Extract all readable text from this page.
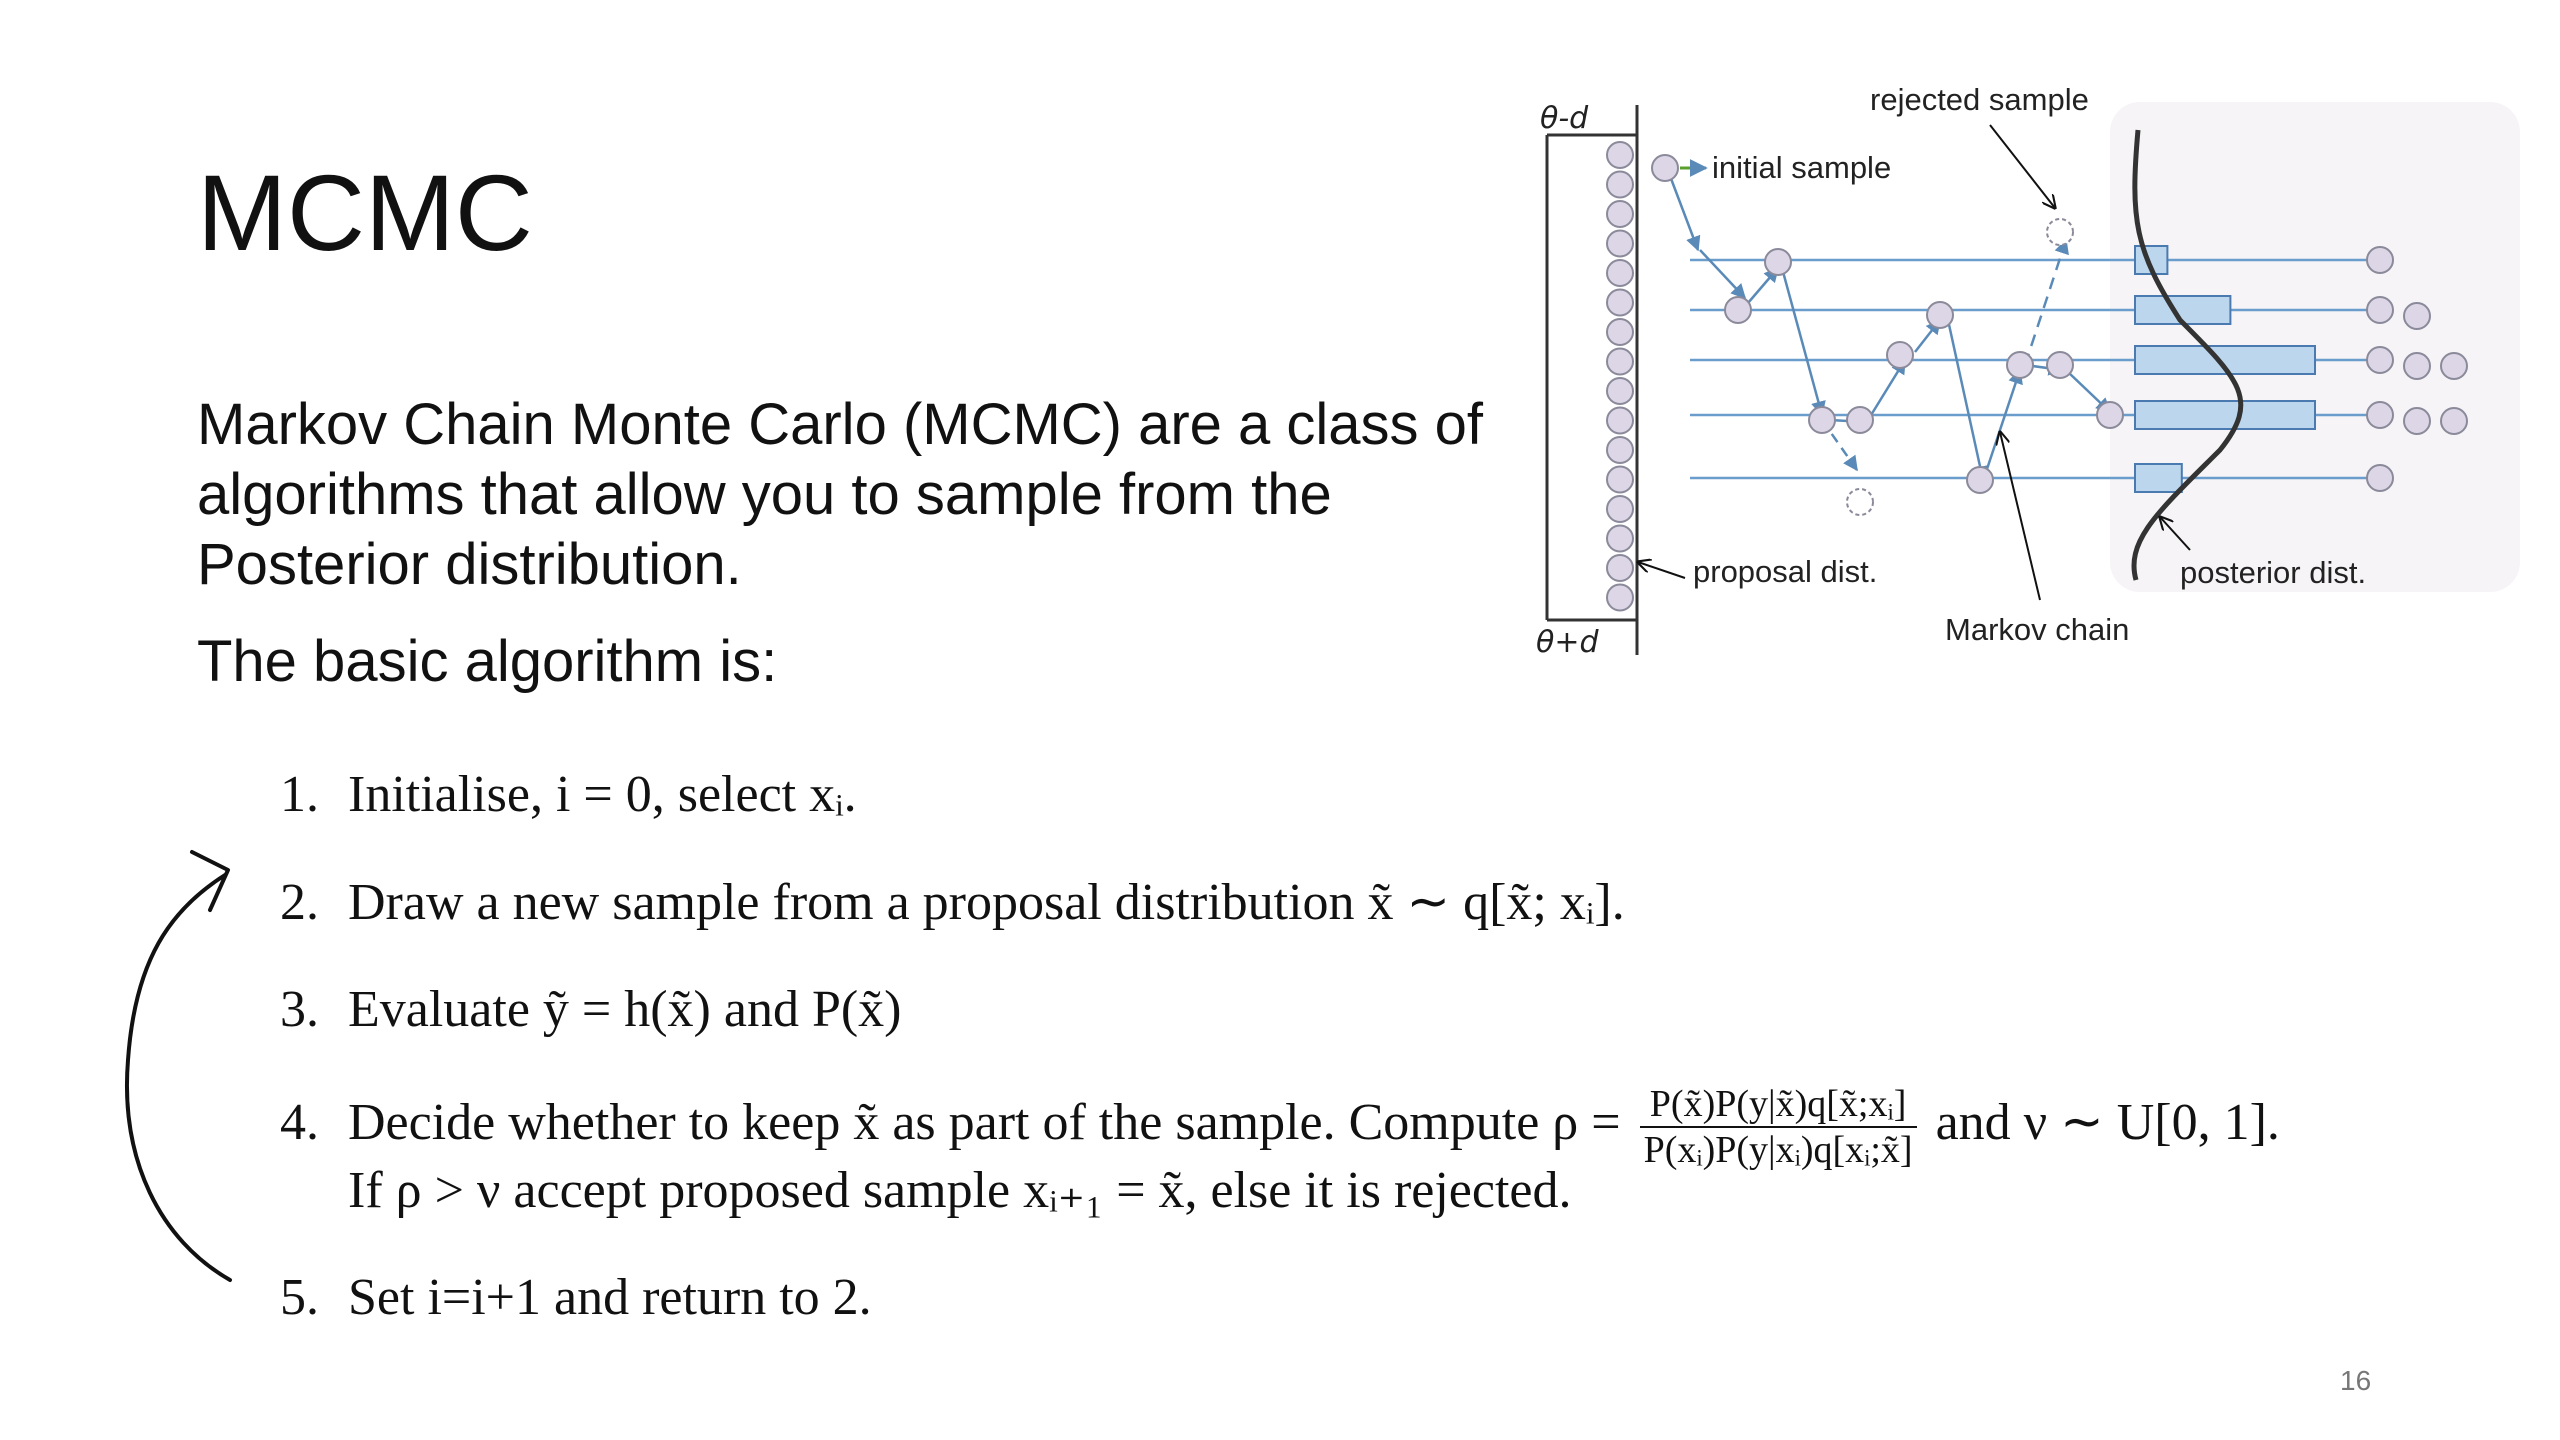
MCMC

Markov Chain Monte Carlo (MCMC) are a class of algorithms that allow you to sample from the Posterior distribution.

The basic algorithm is:

1. Initialise, i = 0, select xᵢ.
2. Draw a new sample from a proposal distribution x̃ ∼ q[x̃; xᵢ].
3. Evaluate ỹ = h(x̃) and P(x̃)
4. Decide whether to keep x̃ as part of the sample. Compute $\rho = \frac{\text{P(x̃)P(y|x̃)q[x̃;xᵢ]}}{\text{P(xᵢ)P(y|xᵢ)q[xᵢ;x̃]}}$ and ν ∼ U[0, 1].
If ρ > ν accept proposed sample xᵢ₊₁ = x̃, else it is rejected.
5. Set i=i+1 and return to 2.
θ-d
θ+d
initial sample
rejected sample
proposal dist.	posterior dist.
Markov chain
16
